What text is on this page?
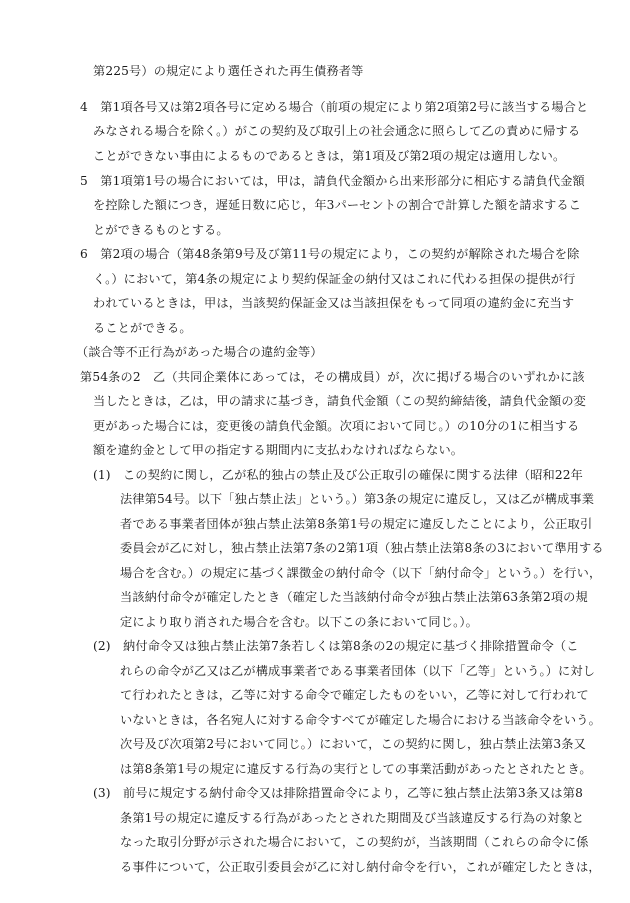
第225号）の規定により選任された再生債務者等
4　第1項各号又は第2項各号に定める場合（前項の規定により第2項第2号に該当する場合と
みなされる場合を除く。）がこの契約及び取引上の社会通念に照らして乙の責めに帰する
ことができない事由によるものであるときは，第1項及び第2項の規定は適用しない。
5　第1項第1号の場合においては，甲は，請負代金額から出来形部分に相応する請負代金額
を控除した額につき，遅延日数に応じ，年3パーセントの割合で計算した額を請求するこ
とができるものとする。
6　第2項の場合（第48条第9号及び第11号の規定により，この契約が解除された場合を除
く。）において，第4条の規定により契約保証金の納付又はこれに代わる担保の提供が行
われているときは，甲は，当該契約保証金又は当該担保をもって同項の違約金に充当す
ることができる。
（談合等不正行為があった場合の違約金等）
第54条の2　乙（共同企業体にあっては，その構成員）が，次に掲げる場合のいずれかに該
当したときは，乙は，甲の請求に基づき，請負代金額（この契約締結後，請負代金額の変
更があった場合には，変更後の請負代金額。次項において同じ。）の10分の1に相当する
額を違約金として甲の指定する期間内に支払わなければならない。
(1)　この契約に関し，乙が私的独占の禁止及び公正取引の確保に関する法律（昭和22年
法律第54号。以下「独占禁止法」という。）第3条の規定に違反し，又は乙が構成事業
者である事業者団体が独占禁止法第8条第1号の規定に違反したことにより，公正取引
委員会が乙に対し，独占禁止法第7条の2第1項（独占禁止法第8条の3において準用する
場合を含む。）の規定に基づく課徴金の納付命令（以下「納付命令」という。）を行い，
当該納付命令が確定したとき（確定した当該納付命令が独占禁止法第63条第2項の規
定により取り消された場合を含む。以下この条において同じ。）。
(2)　納付命令又は独占禁止法第7条若しくは第8条の2の規定に基づく排除措置命令（こ
れらの命令が乙又は乙が構成事業者である事業者団体（以下「乙等」という。）に対し
て行われたときは，乙等に対する命令で確定したものをいい，乙等に対して行われて
いないときは，各名宛人に対する命令すべてが確定した場合における当該命令をいう。
次号及び次項第2号において同じ。）において，この契約に関し，独占禁止法第3条又
は第8条第1号の規定に違反する行為の実行としての事業活動があったとされたとき。
(3)　前号に規定する納付命令又は排除措置命令により，乙等に独占禁止法第3条又は第8
条第1号の規定に違反する行為があったとされた期間及び当該違反する行為の対象と
なった取引分野が示された場合において，この契約が，当該期間（これらの命令に係
る事件について，公正取引委員会が乙に対し納付命令を行い，これが確定したときは，
